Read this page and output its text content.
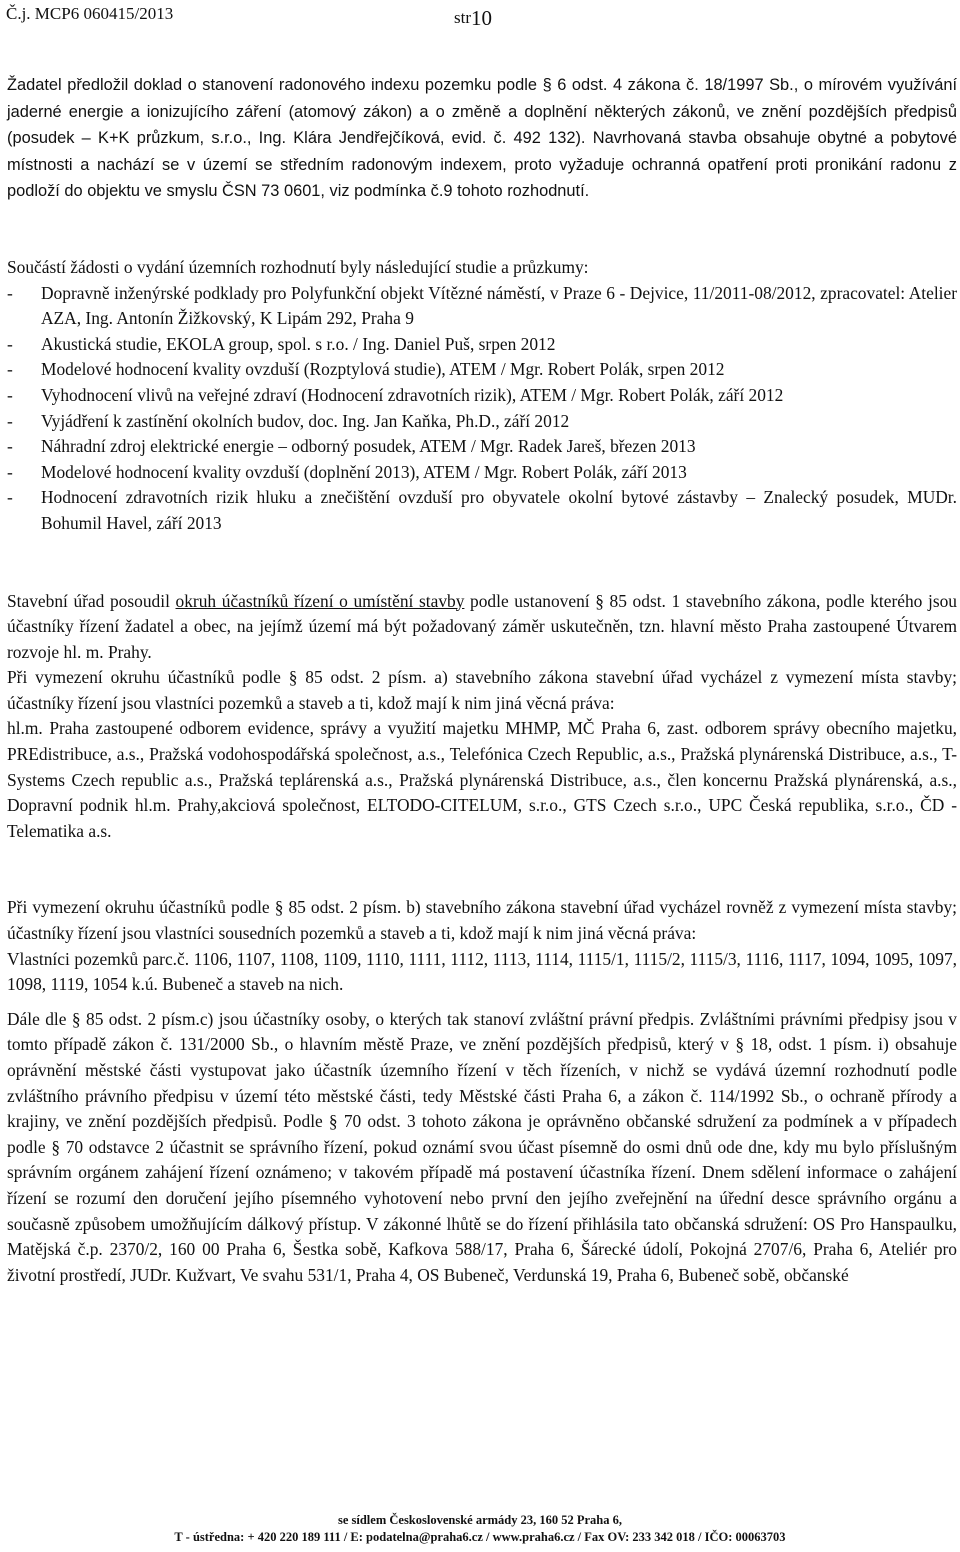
Č.j. MCP6 060415/2013	str10

Žadatel předložil doklad o stanovení radonového indexu pozemku podle § 6 odst. 4 zákona č. 18/1997 Sb., o mírovém využívání jaderné energie a ionizujícího záření (atomový zákon) a o změně a doplnění některých zákonů, ve znění pozdějších předpisů (posudek – K+K průzkum, s.r.o., Ing. Klára Jendřejčíková, evid. č. 492 132). Navrhovaná stavba obsahuje obytné a pobytové místnosti a nachází se v území se středním radonovým indexem, proto vyžaduje ochranná opatření proti pronikání radonu z podloží do objektu ve smyslu ČSN 73 0601, viz podmínka č.9 tohoto rozhodnutí.

Součástí žádosti o vydání územních rozhodnutí byly následující studie a průzkumy:

- Dopravně inženýrské podklady pro Polyfunkční objekt Vítězné náměstí, v Praze 6 - Dejvice, 11/2011-08/2012, zpracovatel: Atelier AZA, Ing. Antonín Žižkovský, K Lipám 292, Praha 9
- Akustická studie, EKOLA group, spol. s r.o. / Ing. Daniel Puš, srpen 2012
- Modelové hodnocení kvality ovzduší (Rozptylová studie), ATEM / Mgr. Robert Polák, srpen 2012
- Vyhodnocení vlivů na veřejné zdraví (Hodnocení zdravotních rizik), ATEM / Mgr. Robert Polák, září 2012
- Vyjádření k zastínění okolních budov, doc. Ing. Jan Kaňka, Ph.D., září 2012
- Náhradní zdroj elektrické energie – odborný posudek, ATEM / Mgr. Radek Jareš, březen 2013
- Modelové hodnocení kvality ovzduší (doplnění 2013), ATEM / Mgr. Robert Polák, září 2013
- Hodnocení zdravotních rizik hluku a znečištění ovzduší pro obyvatele okolní bytové zástavby – Znalecký posudek, MUDr. Bohumil Havel, září 2013

Stavební úřad posoudil okruh účastníků řízení o umístění stavby podle ustanovení § 85 odst. 1 stavebního zákona, podle kterého jsou účastníky řízení žadatel a obec, na jejímž území má být požadovaný záměr uskutečněn, tzn. hlavní město Praha zastoupené Útvarem rozvoje hl. m. Prahy.

Při vymezení okruhu účastníků podle § 85 odst. 2 písm. a) stavebního zákona stavební úřad vycházel z vymezení místa stavby; účastníky řízení jsou vlastníci pozemků a staveb a ti, kdož mají k nim jiná věcná práva:

hl.m. Praha zastoupené odborem evidence, správy a využití majetku MHMP, MČ Praha 6, zast. odborem správy obecního majetku, PREdistribuce, a.s., Pražská vodohospodářská společnost, a.s., Telefónica Czech Republic, a.s., Pražská plynárenská Distribuce, a.s., T-Systems Czech republic a.s., Pražská teplárenská a.s., Pražská plynárenská Distribuce, a.s., člen koncernu Pražská plynárenská, a.s., Dopravní podnik hl.m. Prahy,akciová společnost, ELTODO-CITELUM, s.r.o., GTS Czech s.r.o., UPC Česká republika, s.r.o., ČD - Telematika a.s.

Při vymezení okruhu účastníků podle § 85 odst. 2 písm. b) stavebního zákona stavební úřad vycházel rovněž z vymezení místa stavby; účastníky řízení jsou vlastníci sousedních pozemků a staveb a ti, kdož mají k nim jiná věcná práva:

Vlastníci pozemků parc.č. 1106, 1107, 1108, 1109, 1110, 1111, 1112, 1113, 1114, 1115/1, 1115/2, 1115/3, 1116, 1117, 1094, 1095, 1097, 1098, 1119, 1054 k.ú. Bubeneč a staveb na nich.

Dále dle § 85 odst. 2 písm.c) jsou účastníky osoby, o kterých tak stanoví zvláštní právní předpis. Zvláštními právními předpisy jsou v tomto případě zákon č. 131/2000 Sb., o hlavním městě Praze, ve znění pozdějších předpisů, který v § 18, odst. 1 písm. i) obsahuje oprávnění městské části vystupovat jako účastník územního řízení v těch řízeních, v nichž se vydává územní rozhodnutí podle zvláštního právního předpisu v území této městské části, tedy Městské části Praha 6, a zákon č. 114/1992 Sb., o ochraně přírody a krajiny, ve znění pozdějších předpisů. Podle § 70 odst. 3 tohoto zákona je oprávněno občanské sdružení za podmínek a v případech podle § 70 odstavce 2 účastnit se správního řízení, pokud oznámí svou účast písemně do osmi dnů ode dne, kdy mu bylo příslušným správním orgánem zahájení řízení oznámeno; v takovém případě má postavení účastníka řízení. Dnem sdělení informace o zahájení řízení se rozumí den doručení jejího písemného vyhotovení nebo první den jejího zveřejnění na úřední desce správního orgánu a současně způsobem umožňujícím dálkový přístup. V zákonné lhůtě se do řízení přihlásila tato občanská sdružení: OS Pro Hanspaulku, Matějská č.p. 2370/2, 160 00 Praha 6, Šestka sobě, Kafkova 588/17, Praha 6, Šárecké údolí, Pokojná 2707/6, Praha 6, Ateliér pro životní prostředí, JUDr. Kužvart, Ve svahu 531/1, Praha 4, OS Bubeneč, Verdunská 19, Praha 6, Bubeneč sobě, občanské

se sídlem Československé armády 23, 160 52 Praha 6,
T - ústředna: + 420 220 189 111 / E: podatelna@praha6.cz / www.praha6.cz / Fax OV: 233 342 018 / IČO: 00063703
